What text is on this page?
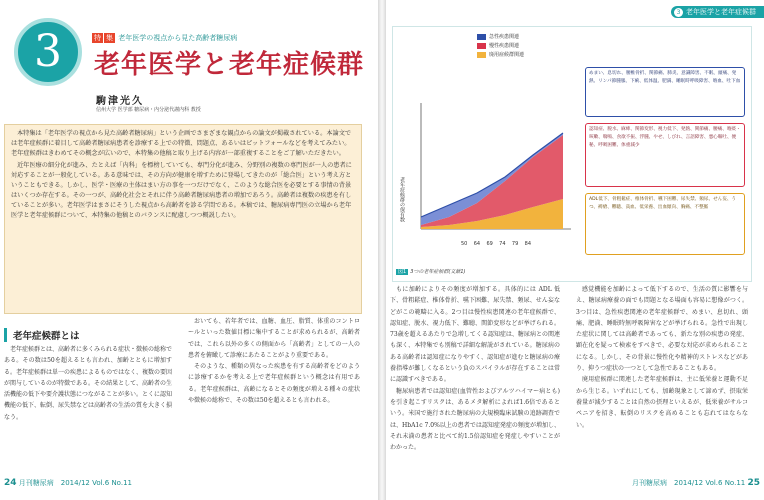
3	特 集 老年医学の視点から見た高齢者糖尿病
老年医学と老年症候群
駒津光久
信州大学 医学部 糖尿病・内分泌代謝内科 教授

本特集は「老年医学の視点から見た高齢者糖尿病」という企画でさまざまな観点からの論文が掲載されている。本論文では老年症候群に着目して高齢者糖尿病患者を診療する上での特徴、問題点、あるいはピットフォールなどを考えてみたい。老年症候群はきわめてその概念が広いので、本特集の他稿と取り上げる内容が一部重複することをご了解いただきたい。

近年医療の細分化が進み、たとえば「内科」を標榜していても、専門分化が進み、分野別の複数の専門医が一人の患者に対応することが一般化している。ある意味では、その方向が健康を増すために登場してきたのが「総合医」という考え方ということもできる。しかし、医学・医療の主体はまい方の事を一つだけでなく、このような総合医を必要とする事情の背景はいくつか存在する。その一つが、高齢化社会とそれに伴う高齢者糖尿病患者の増加であろう。高齢者は複数の疾患を有していることが多い。老年医学はまさにそうした視点から高齢者を診る学問である。本稿では、糖尿病専門医の立場から老年医学と老年症候群について、本特集の他稿とのバランスに配慮しつつ概説したい。

老年症候群とは

老年症候群とは、高齢者に多くみられる症状・徴候の総称である。その数は50を超えるとも言われ、加齢とともに増加する。老年症候群は単一の疾患によるものではなく、複数の要因が関与しているのが特徴である。その結果として、高齢者の生活機能の低下や要介護状態につながることが多い。とくに認知機能の低下、転倒、尿失禁などは高齢者の生活の質を大きく損なう。

おいても、若年者では、血糖、血圧、脂質、体重のコントロールといった数値目標に集中することが求められるが、高齢者では、これら以外の多くの側面から「高齢者」としての一人の患者を俯瞰して診療にあたることがより重要である。

そのような、種類の異なった疾患を有する高齢者をどのように診療するかを考える上で老年症候群という概念は有用である。老年症候群は、高齢になるとその頻度が増える種々の症状や徴候の総称で、その数は50を超えるとも言われる。

24 月刊糖尿病　2014/12 Vol.6 No.11
3 老年医学と老年症候群
急性疾患関連
慢性疾患関連
廃用症候群関連
老年症候群の保有数
50 64 69 74 79 84
めまい、息切れ、腰椎骨折、関節痛、肺炎、意識障害、不眠、頭痛、発熱、リンパ節腫脹、下痢、低体温、肥満、睡眠時呼吸障害、喀血、吐下血
認知症、脱水、麻痺、関節変形、視力低下、発熱、関節痛、腰痛、喀痰・咳嗽、喘鳴、食欲不振、浮腫、やせ、しびれ、言語障害、悪心嘔吐、便秘、呼吸困難、体重減少
ADL低下、骨粗鬆症、椎体骨折、嚥下困難、尿失禁、頻尿、せん妄、うつ、褥瘡、難聴、貧血、低栄養、出血傾向、胸痛、不整脈
図1 3つの老年症候群(文献1)

もに加齢によりその頻度が増加する。具体的には ADL 低下、骨粗鬆症、椎体骨折、嚥下困難、尿失禁、頻尿、せん妄などがこの範疇に入る。2つ目は慢性疾患関連の老年症候群で、認知症、脱水、視力低下、難聴、関節変形などが挙げられる。73歳を超えるあたりで急増してくる認知症は、糖尿病との関連も深く、本特集でも別稿で詳細な解説がされている。糖尿病のある高齢者は認知症になりやすく、認知症が進むと糖尿病の療養指導が難しくなるという負のスパイラルが存在することは常に認識すべきである。

糖尿病患者では認知症(血管性およびアルツハイマー病とも)を引き起こすリスクは、あるメタ解析によれば1.6倍であるという。米国で施行された糖尿病の大規模臨床試験の追跡調査では、HbA1c 7.0%以上の患者では認知症発症の頻度が増加し、それ未満の患者と比べて約1.5倍認知症を発症しやすいことがわかった。

感覚機能を加齢によって低下するので、生活の質に影響を与え、糖尿病療養の面でも問題となる場面も容易に想像がつく。3つ目は、急性疾患関連の老年症候群で、めまい、息切れ、頭痛、肥満、睡眠時無呼吸障害などが挙げられる。急性で出現した症状に関しては高齢者であっても、新たな別の疾患の発症、顕在化を疑って検索をすべきで、必要な対応が求められることになる。しかし、その背景に慢性化や精神的ストレスなどがあり、抑うつ症状の一つとして急性であることもある。

廃用症候群に関連した老年症候群は、主に低栄養と運動不足から生じる。いずれにしても、加齢現象として諦めず、摂取栄養量が減少することは自然の摂理といえるが、低栄養がサルコペニアを招き、転倒のリスクを高めることも忘れてはならない。

月刊糖尿病　2014/12 Vol.6 No.11 25
